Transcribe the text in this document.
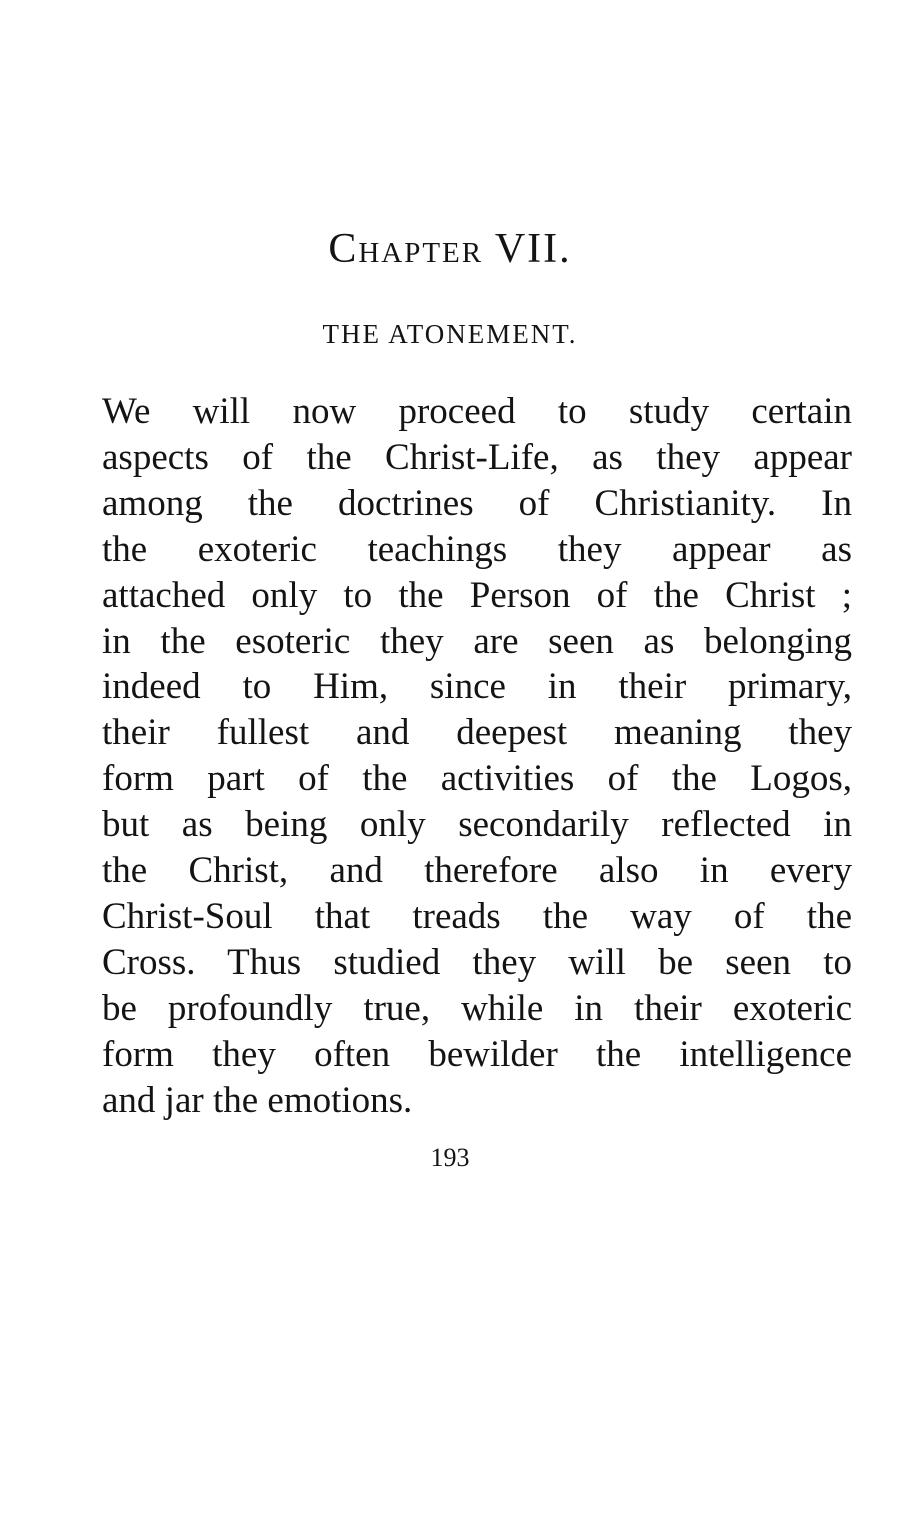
Chapter VII.
THE ATONEMENT.
We will now proceed to study certain
aspects of the Christ-Life, as they appear
among the doctrines of Christianity. In
the exoteric teachings they appear as
attached only to the Person of the Christ ;
in the esoteric they are seen as belonging
indeed to Him, since in their primary,
their fullest and deepest meaning they
form part of the activities of the Logos,
but as being only secondarily reflected in
the Christ, and therefore also in every
Christ-Soul that treads the way of the
Cross. Thus studied they will be seen to
be profoundly true, while in their exoteric
form they often bewilder the intelligence
and jar the emotions.
193
